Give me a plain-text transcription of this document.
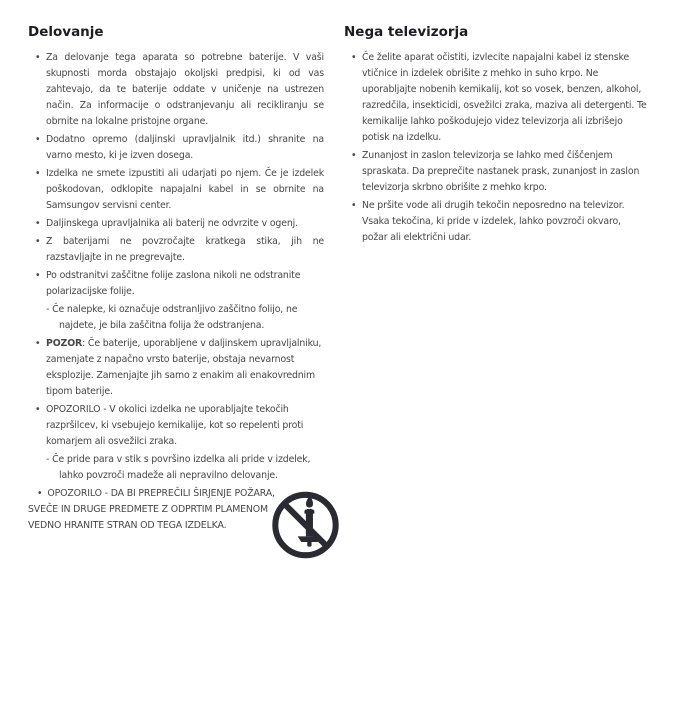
Delovanje
• Za delovanje tega aparata so potrebne baterije. V vaši skupnosti morda obstajajo okoljski predpisi, ki od vas zahtevajo, da te baterije oddate v uničenje na ustrezen način. Za informacije o odstranjevanju ali recikliranju se obrnite na lokalne pristojne organe.
• Dodatno opremo (daljinski upravljalnik itd.) shranite na varno mesto, ki je izven dosega.
• Izdelka ne smete izpustiti ali udarjati po njem. Če je izdelek poškodovan, odklopite napajalni kabel in se obrnite na Samsungov servisni center.
• Daljinskega upravljalnika ali baterij ne odvrzite v ogenj.
• Z baterijami ne povzročajte kratkega stika, jih ne razstavljajte in ne pregrevajte.
• Po odstranitvi zaščitne folije zaslona nikoli ne odstranite polarizacijske folije.

- Če nalepke, ki označuje odstranljivo zaščitno folijo, ne najdete, je bila zaščitna folija že odstranjena.

• POZOR: Če baterije, uporabljene v daljinskem upravljalniku, zamenjate z napačno vrsto baterije, obstaja nevarnost eksplozije. Zamenjajte jih samo z enakim ali enakovrednim tipom baterije.
• OPOZORILO - V okolici izdelka ne uporabljajte tekočih razpršilcev, ki vsebujejo kemikalije, kot so repelenti proti komarjem ali osvežilci zraka.

- Če pride para v stik s površino izdelka ali pride v izdelek, lahko povzroči madeže ali nepravilno delovanje.

• OPOZORILO - DA BI PREPREČILI ŠIRJENJE POŽARA, SVEČE IN DRUGE PREDMETE Z ODPRTIM PLAMENOM VEDNO HRANITE STRAN OD TEGA IZDELKA.

Nega televizorja
• Če želite aparat očistiti, izvlecite napajalni kabel iz stenske vtičnice in izdelek obrišite z mehko in suho krpo. Ne uporabljajte nobenih kemikalij, kot so vosek, benzen, alkohol, razredčila, insekticidi, osvežilci zraka, maziva ali detergenti. Te kemikalije lahko poškodujejo videz televizorja ali izbrišejo potisk na izdelku.
• Zunanjost in zaslon televizorja se lahko med čiščenjem spraskata. Da preprečite nastanek prask, zunanjost in zaslon televizorja skrbno obrišite z mehko krpo.
• Ne pršite vode ali drugih tekočin neposredno na televizor. Vsaka tekočina, ki pride v izdelek, lahko povzroči okvaro, požar ali električni udar.
